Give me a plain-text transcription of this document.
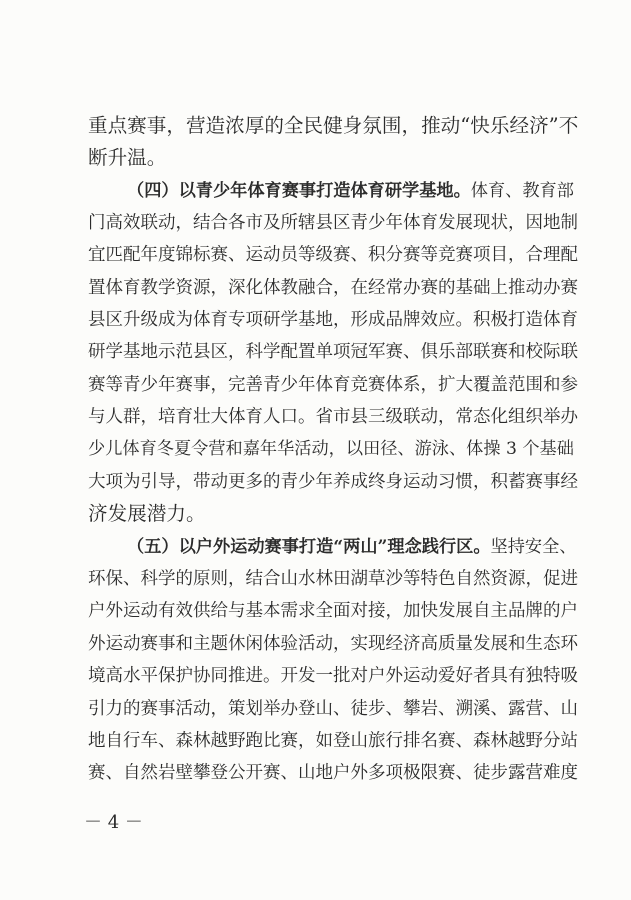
重点赛事，营造浓厚的全民健身氛围，推动“快乐经济”不
断升温。
（四）以青少年体育赛事打造体育研学基地。体育、教育部
门高效联动，结合各市及所辖县区青少年体育发展现状，因地制
宜匹配年度锦标赛、运动员等级赛、积分赛等竞赛项目，合理配
置体育教学资源，深化体教融合，在经常办赛的基础上推动办赛
县区升级成为体育专项研学基地，形成品牌效应。积极打造体育
研学基地示范县区，科学配置单项冠军赛、俱乐部联赛和校际联
赛等青少年赛事，完善青少年体育竞赛体系，扩大覆盖范围和参
与人群，培育壮大体育人口。省市县三级联动，常态化组织举办
少儿体育冬夏令营和嘉年华活动，以田径、游泳、体操 3 个基础
大项为引导，带动更多的青少年养成终身运动习惯，积蓄赛事经
济发展潜力。
（五）以户外运动赛事打造“两山”理念践行区。坚持安全、
环保、科学的原则，结合山水林田湖草沙等特色自然资源，促进
户外运动有效供给与基本需求全面对接，加快发展自主品牌的户
外运动赛事和主题休闲体验活动，实现经济高质量发展和生态环
境高水平保护协同推进。开发一批对户外运动爱好者具有独特吸
引力的赛事活动，策划举办登山、徒步、攀岩、溯溪、露营、山
地自行车、森林越野跑比赛，如登山旅行排名赛、森林越野分站
赛、自然岩壁攀登公开赛、山地户外多项极限赛、徒步露营难度
－ 4 －
